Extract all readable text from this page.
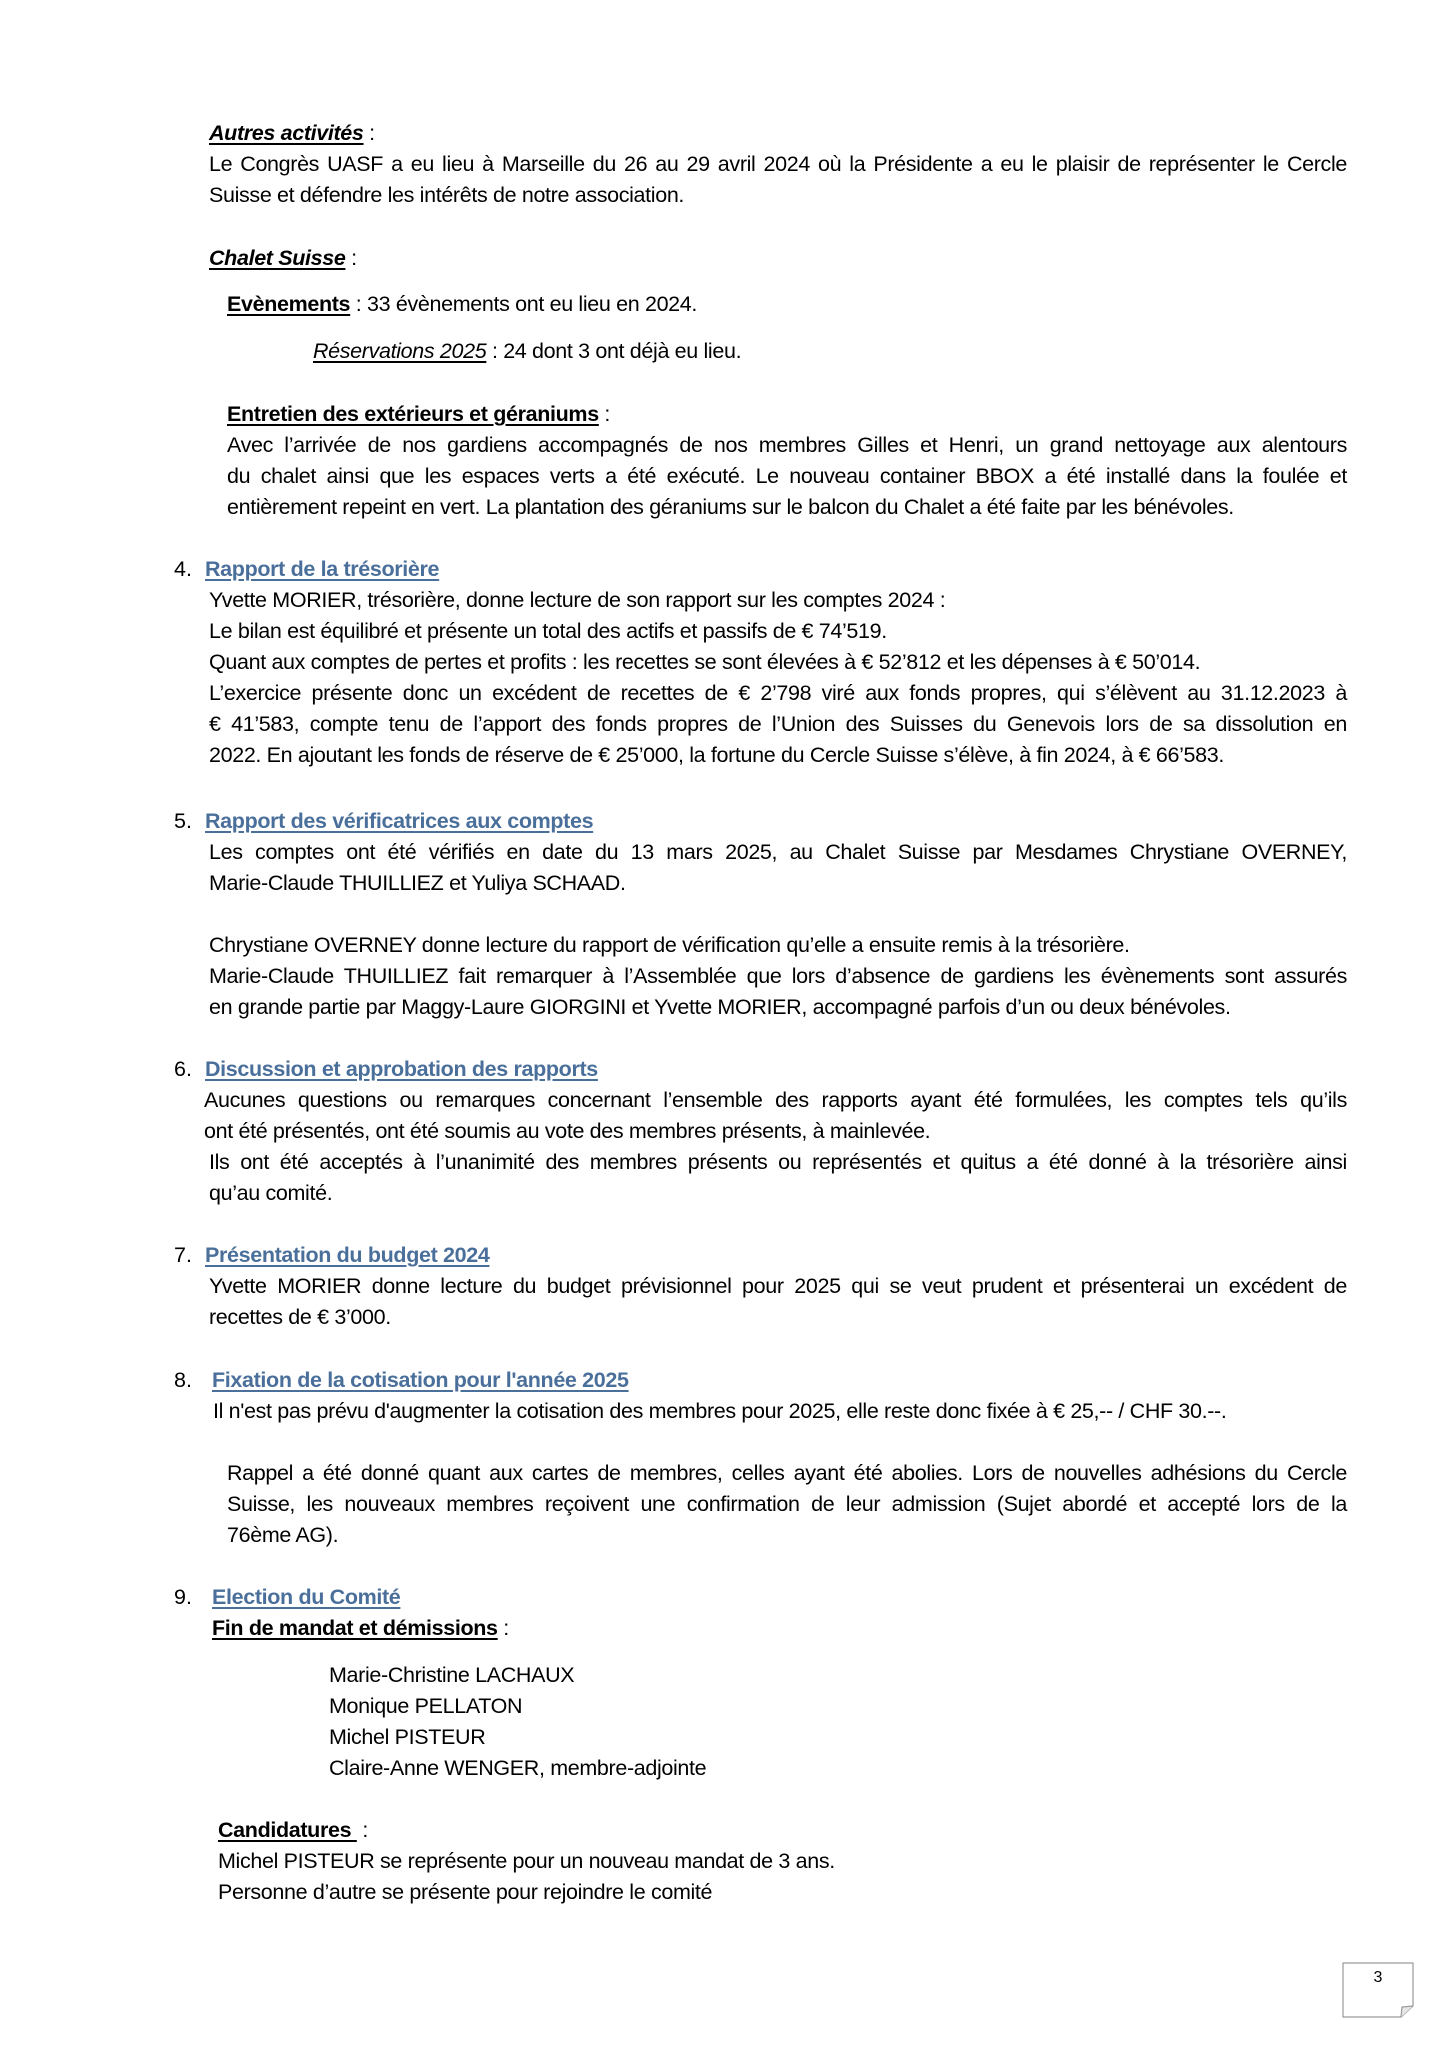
Autres activités :
Le Congrès UASF a eu lieu à Marseille du 26 au 29 avril 2024 où la Présidente a eu le plaisir de représenter le Cercle
Suisse et défendre les intérêts de notre association.
Chalet Suisse :
Evènements : 33 évènements ont eu lieu en 2024.
Réservations 2025 : 24 dont 3 ont déjà eu lieu.
Entretien des extérieurs et géraniums :
Avec l’arrivée de nos gardiens accompagnés de nos membres Gilles et Henri, un grand nettoyage aux alentours
du chalet ainsi que les espaces verts a été exécuté. Le nouveau container BBOX a été installé dans la foulée et
entièrement repeint en vert. La plantation des géraniums sur le balcon du Chalet a été faite par les bénévoles.
4. Rapport de la trésorière
Yvette MORIER, trésorière, donne lecture de son rapport sur les comptes 2024 :
Le bilan est équilibré et présente un total des actifs et passifs de € 74’519.
Quant aux comptes de pertes et profits : les recettes se sont élevées à € 52’812 et les dépenses à € 50’014.
L’exercice présente donc un excédent de recettes de € 2’798 viré aux fonds propres, qui s’élèvent au 31.12.2023 à
€ 41’583, compte tenu de l’apport des fonds propres de l’Union des Suisses du Genevois lors de sa dissolution en
2022. En ajoutant les fonds de réserve de € 25’000, la fortune du Cercle Suisse s’élève, à fin 2024, à € 66’583.
5. Rapport des vérificatrices aux comptes
Les comptes ont été vérifiés en date du 13 mars 2025, au Chalet Suisse par Mesdames Chrystiane OVERNEY,
Marie-Claude THUILLIEZ et Yuliya SCHAAD.
Chrystiane OVERNEY donne lecture du rapport de vérification qu’elle a ensuite remis à la trésorière.
Marie-Claude THUILLIEZ fait remarquer à l’Assemblée que lors d’absence de gardiens les évènements sont assurés
en grande partie par Maggy-Laure GIORGINI et Yvette MORIER, accompagné parfois d’un ou deux bénévoles.
6. Discussion et approbation des rapports
Aucunes questions ou remarques concernant l’ensemble des rapports ayant été formulées, les comptes tels qu’ils
ont été présentés, ont été soumis au vote des membres présents, à mainlevée.
Ils ont été acceptés à l’unanimité des membres présents ou représentés et quitus a été donné à la trésorière ainsi
qu’au comité.
7. Présentation du budget 2024
Yvette MORIER donne lecture du budget prévisionnel pour 2025 qui se veut prudent et présenterai un excédent de
recettes de € 3’000.
8. Fixation de la cotisation pour l'année 2025
Il n'est pas prévu d'augmenter la cotisation des membres pour 2025, elle reste donc fixée à € 25,-- / CHF 30.--.
Rappel a été donné quant aux cartes de membres, celles ayant été abolies. Lors de nouvelles adhésions du Cercle
Suisse, les nouveaux membres reçoivent une confirmation de leur admission (Sujet abordé et accepté lors de la
76ème AG).
9. Election du Comité
Fin de mandat et démissions :
Marie-Christine LACHAUX
Monique PELLATON
Michel PISTEUR
Claire-Anne WENGER, membre-adjointe
Candidatures  :
Michel PISTEUR se représente pour un nouveau mandat de 3 ans.
Personne d’autre se présente pour rejoindre le comité
3
